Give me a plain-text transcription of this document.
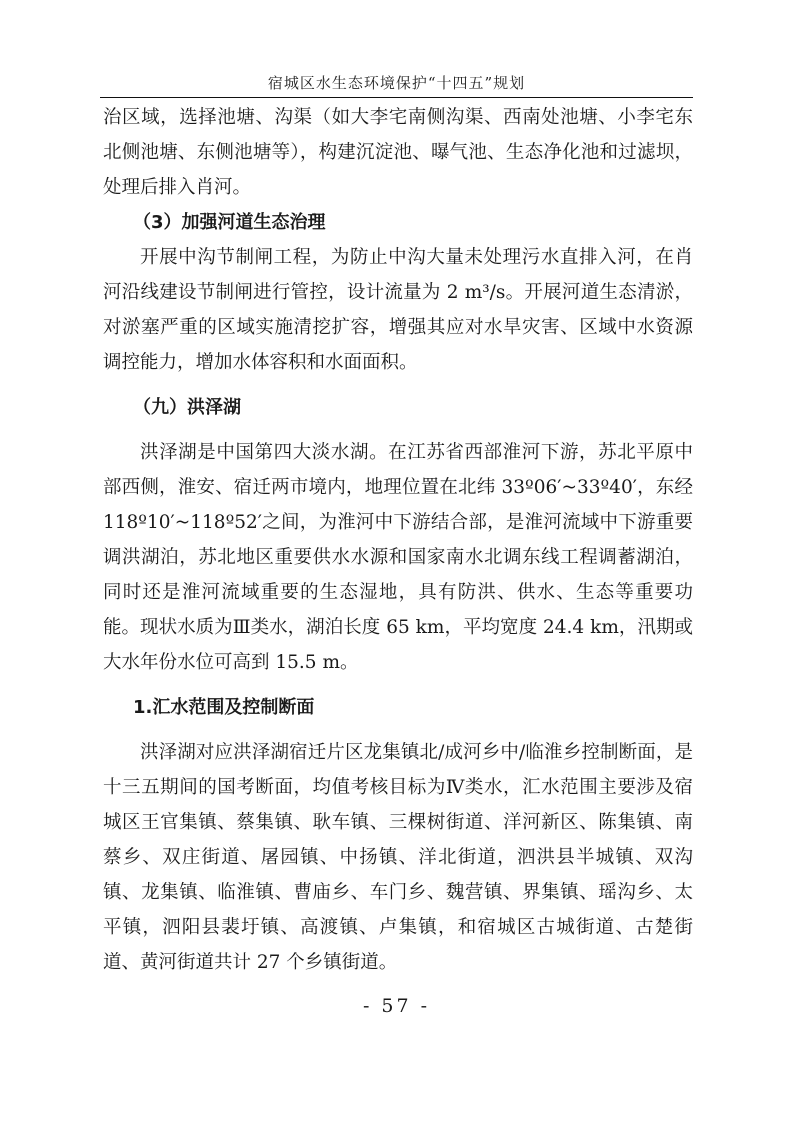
宿城区水生态环境保护“十四五”规划

治区域，选择池塘、沟渠（如大李宅南侧沟渠、西南处池塘、小李宅东北侧池塘、东侧池塘等），构建沉淀池、曝气池、生态净化池和过滤坝，处理后排入肖河。

（3）加强河道生态治理

开展中沟节制闸工程，为防止中沟大量未处理污水直排入河，在肖河沿线建设节制闸进行管控，设计流量为 2 m³/s。开展河道生态清淤，对淤塞严重的区域实施清挖扩容，增强其应对水旱灾害、区域中水资源调控能力，增加水体容积和水面面积。

（九）洪泽湖

洪泽湖是中国第四大淡水湖。在江苏省西部淮河下游，苏北平原中部西侧，淮安、宿迁两市境内，地理位置在北纬 33º06′~33º40′，东经 118º10′~118º52′之间，为淮河中下游结合部，是淮河流域中下游重要调洪湖泊，苏北地区重要供水水源和国家南水北调东线工程调蓄湖泊，同时还是淮河流域重要的生态湿地，具有防洪、供水、生态等重要功能。现状水质为Ⅲ类水，湖泊长度 65 km，平均宽度 24.4 km，汛期或大水年份水位可高到 15.5 m。

1.汇水范围及控制断面

洪泽湖对应洪泽湖宿迁片区龙集镇北/成河乡中/临淮乡控制断面，是十三五期间的国考断面，均值考核目标为Ⅳ类水，汇水范围主要涉及宿城区王官集镇、蔡集镇、耿车镇、三棵树街道、洋河新区、陈集镇、南蔡乡、双庄街道、屠园镇、中扬镇、洋北街道，泗洪县半城镇、双沟镇、龙集镇、临淮镇、曹庙乡、车门乡、魏营镇、界集镇、瑶沟乡、太平镇，泗阳县裴圩镇、高渡镇、卢集镇，和宿城区古城街道、古楚街道、黄河街道共计 27 个乡镇街道。

- 57 -
